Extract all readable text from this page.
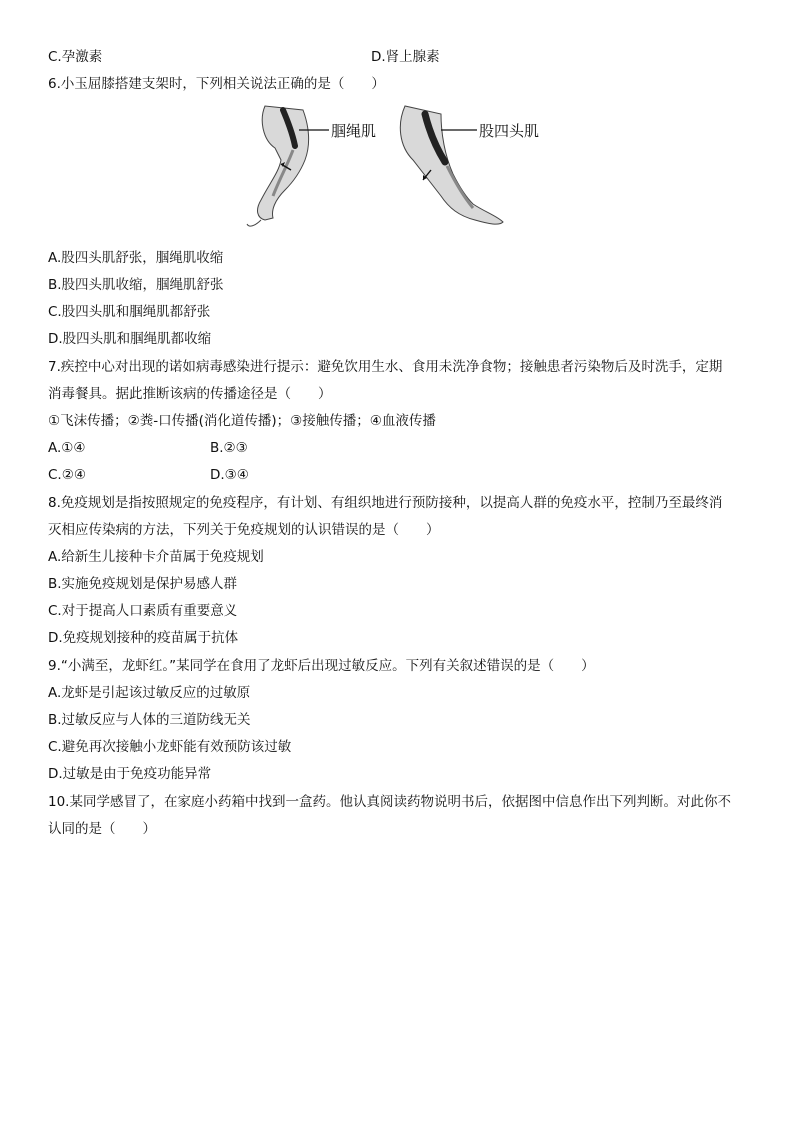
C.孕激素	D.肾上腺素
6.小玉屈膝搭建支架时，下列相关说法正确的是（　　）
腘绳肌	股四头肌
A.股四头肌舒张，腘绳肌收缩
B.股四头肌收缩，腘绳肌舒张
C.股四头肌和腘绳肌都舒张
D.股四头肌和腘绳肌都收缩
7.疾控中心对出现的诺如病毒感染进行提示：避免饮用生水、食用未洗净食物；接触患者污染物后及时洗手，定期
消毒餐具。据此推断该病的传播途径是（　　）
①飞沫传播；②粪-口传播(消化道传播)；③接触传播；④血液传播
A.①④	B.②③
C.②④	D.③④
8.免疫规划是指按照规定的免疫程序，有计划、有组织地进行预防接种，以提高人群的免疫水平，控制乃至最终消
灭相应传染病的方法，下列关于免疫规划的认识错误的是（　　）
A.给新生儿接种卡介苗属于免疫规划
B.实施免疫规划是保护易感人群
C.对于提高人口素质有重要意义
D.免疫规划接种的疫苗属于抗体
9.“小满至，龙虾红。”某同学在食用了龙虾后出现过敏反应。下列有关叙述错误的是（　　）
A.龙虾是引起该过敏反应的过敏原
B.过敏反应与人体的三道防线无关
C.避免再次接触小龙虾能有效预防该过敏
D.过敏是由于免疫功能异常
10.某同学感冒了，在家庭小药箱中找到一盒药。他认真阅读药物说明书后，依据图中信息作出下列判断。对此你不
认同的是（　　）
